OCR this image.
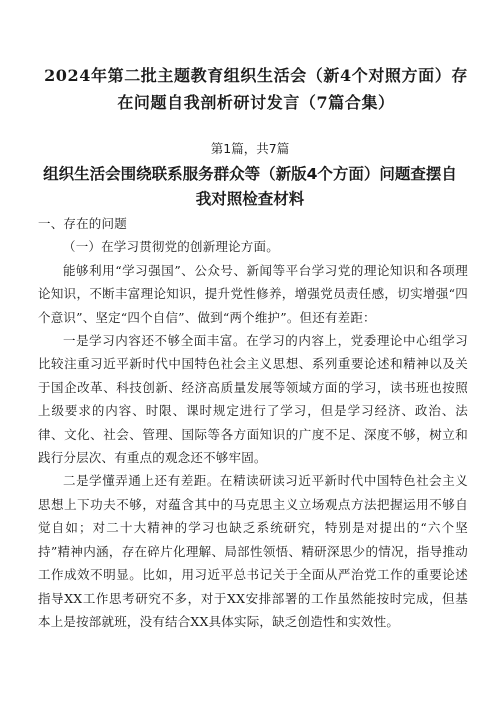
2024年第二批主题教育组织生活会（新4个对照方面）存
在问题自我剖析研讨发言（7篇合集）
第1篇，共7篇
组织生活会围绕联系服务群众等（新版4个方面）问题查摆自
我对照检查材料

一、存在的问题

（一）在学习贯彻党的创新理论方面。

能够利用“学习强国”、公众号、新闻等平台学习党的理论知识和各项理论知识，不断丰富理论知识，提升党性修养，增强党员责任感，切实增强“四个意识”、坚定“四个自信”、做到“两个维护”。但还有差距：

一是学习内容还不够全面丰富。在学习的内容上，党委理论中心组学习比较注重习近平新时代中国特色社会主义思想、系列重要论述和精神以及关于国企改革、科技创新、经济高质量发展等领域方面的学习，读书班也按照上级要求的内容、时限、课时规定进行了学习，但是学习经济、政治、法律、文化、社会、管理、国际等各方面知识的广度不足、深度不够，树立和践行分层次、有重点的观念还不够牢固。

二是学懂弄通上还有差距。在精读研读习近平新时代中国特色社会主义思想上下功夫不够，对蕴含其中的马克思主义立场观点方法把握运用不够自觉自如；对二十大精神的学习也缺乏系统研究，特别是对提出的“六个坚持”精神内涵，存在碎片化理解、局部性领悟、精研深思少的情况，指导推动工作成效不明显。比如，用习近平总书记关于全面从严治党工作的重要论述指导XX工作思考研究不多，对于XX安排部署的工作虽然能按时完成，但基本上是按部就班，没有结合XX具体实际，缺乏创造性和实效性。
